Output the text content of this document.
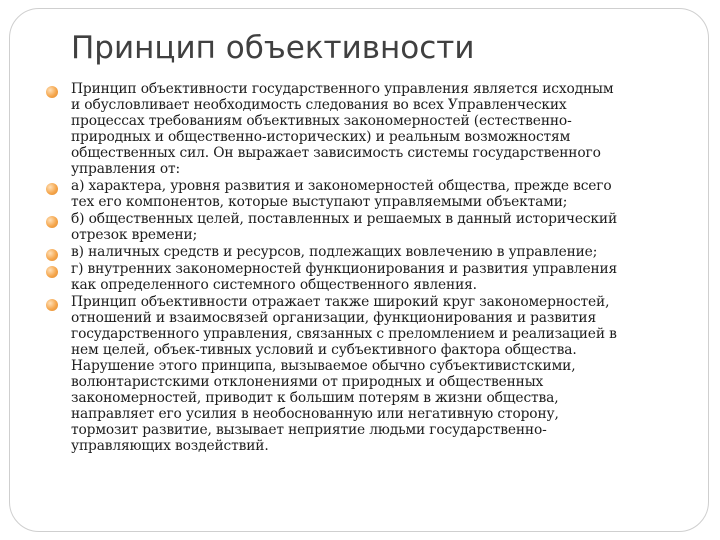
Принцип объективности
Принцип объективности государственного управления является исходным
и обусловливает необходимость следования во всех Управленческих
процессах требованиям объективных закономерностей (естественно-
природных и общественно-исторических) и реальным возможностям
общественных сил. Он выражает зависимость системы государственного
управления от:
а) характера, уровня развития и закономерностей общества, прежде всего
тех его компонентов, которые выступают управляемыми объектами;
б) общественных целей, поставленных и решаемых в данный исторический
отрезок времени;
в) наличных средств и ресурсов, подлежащих вовлечению в управление;
г) внутренних закономерностей функционирования и развития управления
как определенного системного общественного явления.
Принцип объективности отражает также широкий круг закономерностей,
отношений и взаимосвязей организации, функционирования и развития
государственного управления, связанных с преломлением и реализацией в
нем целей, объек-тивных условий и субъективного фактора общества.
Нарушение этого принципа, вызываемое обычно субъективистскими,
волюнтаристскими отклонениями от природных и общественных
закономерностей, приводит к большим потерям в жизни общества,
направляет его усилия в необоснованную или негативную сторону,
тормозит развитие, вызывает неприятие людьми государственно-
управляющих воздействий.
